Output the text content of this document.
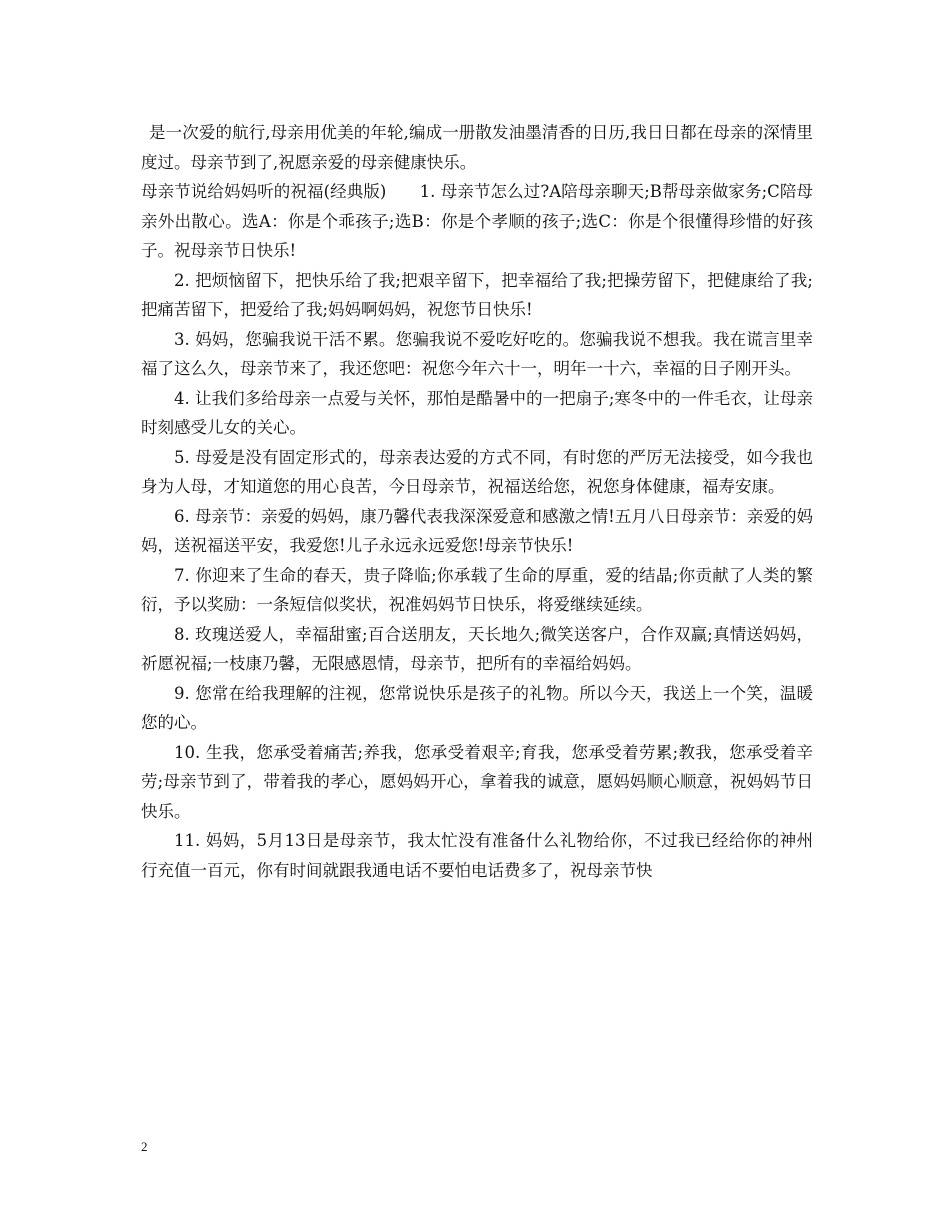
是一次爱的航行,母亲用优美的年轮,编成一册散发油墨清香的日历,我日日都在母亲的深情里度过。母亲节到了,祝愿亲爱的母亲健康快乐。

母亲节说给妈妈听的祝福(经典版)　　1. 母亲节怎么过?A陪母亲聊天;B帮母亲做家务;C陪母亲外出散心。选A：你是个乖孩子;选B：你是个孝顺的孩子;选C：你是个很懂得珍惜的好孩子。祝母亲节日快乐!

2. 把烦恼留下，把快乐给了我;把艰辛留下，把幸福给了我;把操劳留下，把健康给了我;把痛苦留下，把爱给了我;妈妈啊妈妈，祝您节日快乐!

3. 妈妈，您骗我说干活不累。您骗我说不爱吃好吃的。您骗我说不想我。我在谎言里幸福了这么久，母亲节来了，我还您吧：祝您今年六十一，明年一十六，幸福的日子刚开头。

4. 让我们多给母亲一点爱与关怀，那怕是酷暑中的一把扇子;寒冬中的一件毛衣，让母亲时刻感受儿女的关心。

5. 母爱是没有固定形式的，母亲表达爱的方式不同，有时您的严厉无法接受，如今我也身为人母，才知道您的用心良苦，今日母亲节，祝福送给您，祝您身体健康，福寿安康。

6. 母亲节：亲爱的妈妈，康乃馨代表我深深爱意和感激之情!五月八日母亲节：亲爱的妈妈，送祝福送平安，我爱您!儿子永远永远爱您!母亲节快乐!

7. 你迎来了生命的春天，贵子降临;你承载了生命的厚重，爱的结晶;你贡献了人类的繁衍，予以奖励：一条短信似奖状，祝准妈妈节日快乐，将爱继续延续。

8. 玫瑰送爱人，幸福甜蜜;百合送朋友，天长地久;微笑送客户，合作双赢;真情送妈妈，祈愿祝福;一枝康乃馨，无限感恩情，母亲节，把所有的幸福给妈妈。

9. 您常在给我理解的注视，您常说快乐是孩子的礼物。所以今天，我送上一个笑，温暖您的心。

10. 生我，您承受着痛苦;养我，您承受着艰辛;育我，您承受着劳累;教我，您承受着辛劳;母亲节到了，带着我的孝心，愿妈妈开心，拿着我的诚意，愿妈妈顺心顺意，祝妈妈节日快乐。

11. 妈妈，5月13日是母亲节，我太忙没有准备什么礼物给你，不过我已经给你的神州行充值一百元，你有时间就跟我通电话不要怕电话费多了，祝母亲节快

2
